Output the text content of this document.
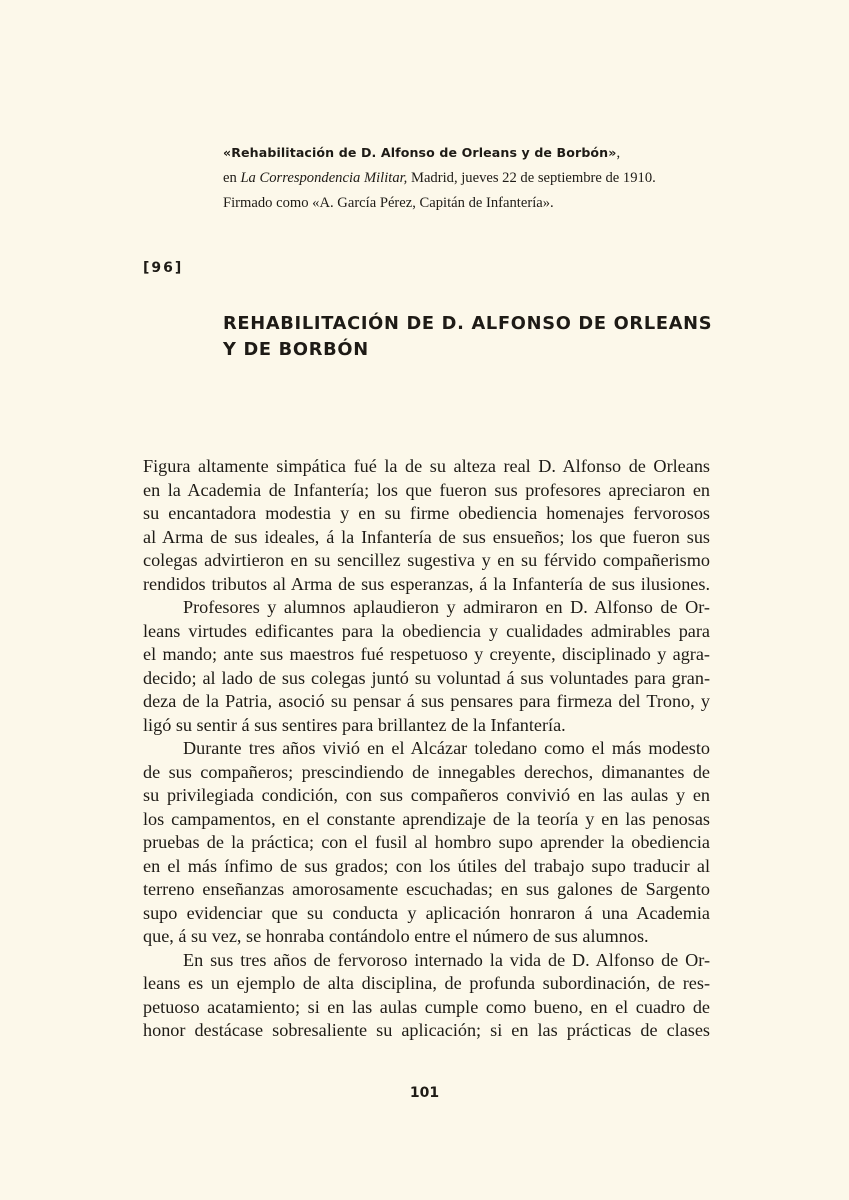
«Rehabilitación de D. Alfonso de Orleans y de Borbón»,
en La Correspondencia Militar, Madrid, jueves 22 de septiembre de 1910.
Firmado como «A. García Pérez, Capitán de Infantería».
[96]
REHABILITACIÓN DE D. ALFONSO DE ORLEANS
Y DE BORBÓN

Figura altamente simpática fué la de su alteza real D. Alfonso de Orleans

en la Academia de Infantería; los que fueron sus profesores apreciaron en

su encantadora modestia y en su firme obediencia homenajes fervorosos

al Arma de sus ideales, á la Infantería de sus ensueños; los que fueron sus

colegas advirtieron en su sencillez sugestiva y en su férvido compañerismo

rendidos tributos al Arma de sus esperanzas, á la Infantería de sus ilusiones.

Profesores y alumnos aplaudieron y admiraron en D. Alfonso de Or-

leans virtudes edificantes para la obediencia y cualidades admirables para

el mando; ante sus maestros fué respetuoso y creyente, disciplinado y agra-

decido; al lado de sus colegas juntó su voluntad á sus voluntades para gran-

deza de la Patria, asoció su pensar á sus pensares para firmeza del Trono, y

ligó su sentir á sus sentires para brillantez de la Infantería.

Durante tres años vivió en el Alcázar toledano como el más modesto

de sus compañeros; prescindiendo de innegables derechos, dimanantes de

su privilegiada condición, con sus compañeros convivió en las aulas y en

los campamentos, en el constante aprendizaje de la teoría y en las penosas

pruebas de la práctica; con el fusil al hombro supo aprender la obediencia

en el más ínfimo de sus grados; con los útiles del trabajo supo traducir al

terreno enseñanzas amorosamente escuchadas; en sus galones de Sargento

supo evidenciar que su conducta y aplicación honraron á una Academia

que, á su vez, se honraba contándolo entre el número de sus alumnos.

En sus tres años de fervoroso internado la vida de D. Alfonso de Or-

leans es un ejemplo de alta disciplina, de profunda subordinación, de res-

petuoso acatamiento; si en las aulas cumple como bueno, en el cuadro de

honor destácase sobresaliente su aplicación; si en las prácticas de clases

101
